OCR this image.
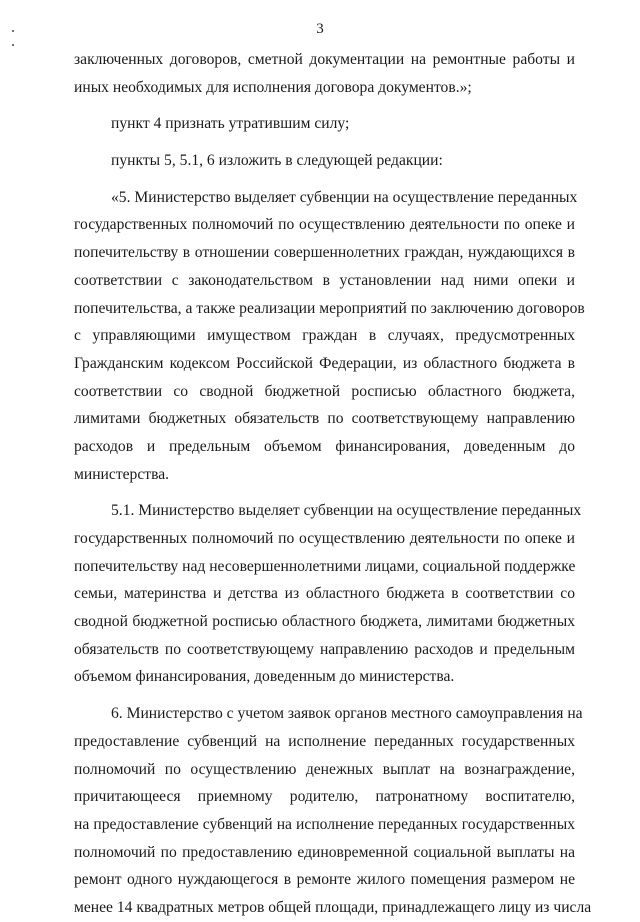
3

заключенных договоров, сметной документации на ремонтные работы и
иных необходимых для исполнения договора документов.»;

пункт 4 признать утратившим силу;

пункты 5, 5.1, 6 изложить в следующей редакции:

«5. Министерство выделяет субвенции на осуществление переданных
государственных полномочий по осуществлению деятельности по опеке и
попечительству в отношении совершеннолетних граждан, нуждающихся в
соответствии с законодательством в установлении над ними опеки и
попечительства, а также реализации мероприятий по заключению договоров
с управляющими имуществом граждан в случаях, предусмотренных
Гражданским кодексом Российской Федерации, из областного бюджета в
соответствии со сводной бюджетной росписью областного бюджета,
лимитами бюджетных обязательств по соответствующему направлению
расходов и предельным объемом финансирования, доведенным до
министерства.

5.1. Министерство выделяет субвенции на осуществление переданных
государственных полномочий по осуществлению деятельности по опеке и
попечительству над несовершеннолетними лицами, социальной поддержке
семьи, материнства и детства из областного бюджета в соответствии со
сводной бюджетной росписью областного бюджета, лимитами бюджетных
обязательств по соответствующему направлению расходов и предельным
объемом финансирования, доведенным до министерства.

6. Министерство с учетом заявок органов местного самоуправления на
предоставление субвенций на исполнение переданных государственных
полномочий по осуществлению денежных выплат на вознаграждение,
причитающееся приемному родителю, патронатному воспитателю,
на предоставление субвенций на исполнение переданных государственных
полномочий по предоставлению единовременной социальной выплаты на
ремонт одного нуждающегося в ремонте жилого помещения размером не
менее 14 квадратных метров общей площади, принадлежащего лицу из числа
